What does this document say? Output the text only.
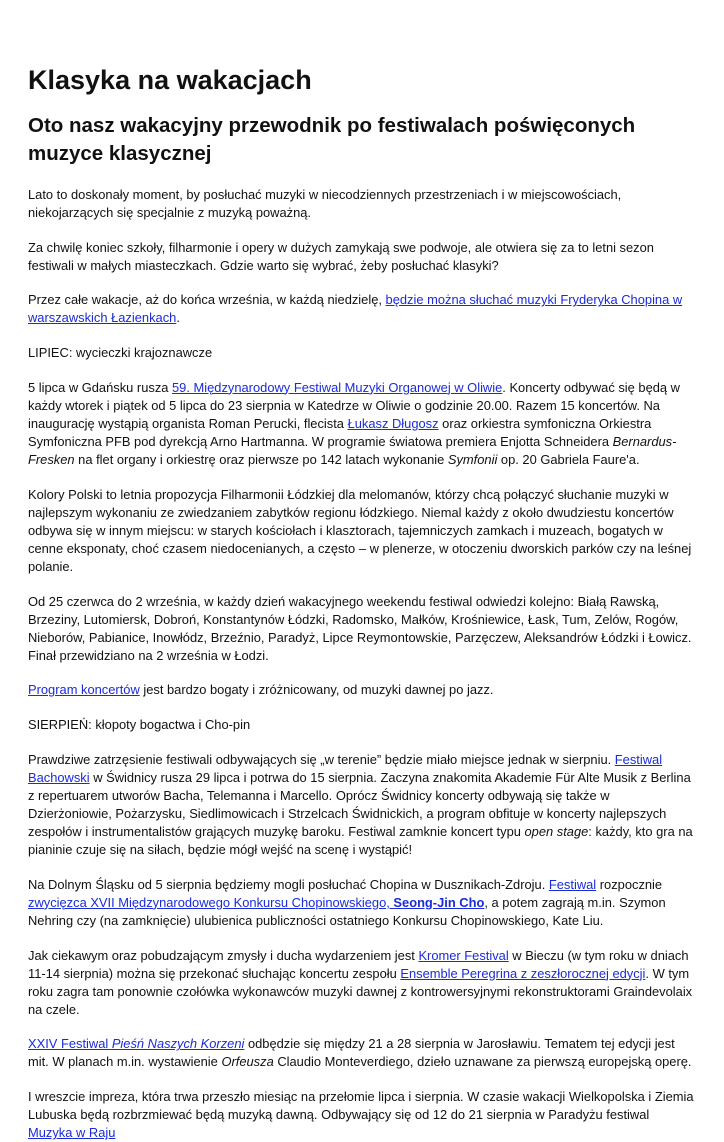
Klasyka na wakacjach
Oto nasz wakacyjny przewodnik po festiwalach poświęconych muzyce klasycznej

Lato to doskonały moment, by posłuchać muzyki w niecodziennych przestrzeniach i w miejscowościach, niekojarzących się specjalnie z muzyką poważną.

Za chwilę koniec szkoły, filharmonie i opery w dużych zamykają swe podwoje, ale otwiera się za to letni sezon festiwali w małych miasteczkach. Gdzie warto się wybrać, żeby posłuchać klasyki?

Przez całe wakacje, aż do końca września, w każdą niedzielę, będzie można słuchać muzyki Fryderyka Chopina w warszawskich Łazienkach.

LIPIEC: wycieczki krajoznawcze

5 lipca w Gdańsku rusza 59. Międzynarodowy Festiwal Muzyki Organowej w Oliwie. Koncerty odbywać się będą w każdy wtorek i piątek od 5 lipca do 23 sierpnia w Katedrze w Oliwie o godzinie 20.00. Razem 15 koncertów. Na inaugurację wystąpią organista Roman Perucki, flecista Łukasz Długosz oraz orkiestra symfoniczna Orkiestra Symfoniczna PFB pod dyrekcją Arno Hartmanna. W programie światowa premiera Enjotta Schneidera Bernardus-Fresken na flet organy i orkiestrę oraz pierwsze po 142 latach wykonanie Symfonii op. 20 Gabriela Faure'a.

Kolory Polski to letnia propozycja Filharmonii Łódzkiej dla melomanów, którzy chcą połączyć słuchanie muzyki w najlepszym wykonaniu ze zwiedzaniem zabytków regionu łódzkiego. Niemal każdy z około dwudziestu koncertów odbywa się w innym miejscu: w starych kościołach i klasztorach, tajemniczych zamkach i muzeach, bogatych w cenne eksponaty, choć czasem niedocenianych, a często – w plenerze, w otoczeniu dworskich parków czy na leśnej polanie.

Od 25 czerwca do 2 września, w każdy dzień wakacyjnego weekendu festiwal odwiedzi kolejno: Białą Rawską, Brzeziny, Lutomiersk, Dobroń, Konstantynów Łódzki, Radomsko, Małków, Krośniewice, Łask, Tum, Zelów, Rogów, Nieborów, Pabianice, Inowłódz, Brzeźnio, Paradyż, Lipce Reymontowskie, Parzęczew, Aleksandrów Łódzki i Łowicz. Finał przewidziano na 2 września w Łodzi.

Program koncertów jest bardzo bogaty i zróżnicowany, od muzyki dawnej po jazz.

SIERPIEŃ: kłopoty bogactwa i Cho-pin

Prawdziwe zatrzęsienie festiwali odbywających się „w terenie” będzie miało miejsce jednak w sierpniu. Festiwal Bachowski w Świdnicy rusza 29 lipca i potrwa do 15 sierpnia. Zaczyna znakomita Akademie Für Alte Musik z Berlina z repertuarem utworów Bacha, Telemanna i Marcello. Oprócz Świdnicy koncerty odbywają się także w Dzierżoniowie, Pożarzysku, Siedlimowicach i Strzelcach Świdnickich, a program obfituje w koncerty najlepszych zespołów i instrumentalistów grających muzykę baroku. Festiwal zamknie koncert typu open stage: każdy, kto gra na pianinie czuje się na siłach, będzie mógł wejść na scenę i wystąpić!

Na Dolnym Śląsku od 5 sierpnia będziemy mogli posłuchać Chopina w Dusznikach-Zdroju. Festiwal rozpocznie zwycięzca XVII Międzynarodowego Konkursu Chopinowskiego, Seong-Jin Cho, a potem zagrają m.in. Szymon Nehring czy (na zamknięcie) ulubienica publiczności ostatniego Konkursu Chopinowskiego, Kate Liu.

Jak ciekawym oraz pobudzającym zmysły i ducha wydarzeniem jest Kromer Festival w Bieczu (w tym roku w dniach 11-14 sierpnia) można się przekonać słuchając koncertu zespołu Ensemble Peregrina z zeszłorocznej edycji. W tym roku zagra tam ponownie czołówka wykonawców muzyki dawnej z kontrowersyjnymi rekonstruktorami Graindevolaix na czele.

XXIV Festiwal Pieśń Naszych Korzeni odbędzie się między 21 a 28 sierpnia w Jarosławiu. Tematem tej edycji jest mit. W planach m.in. wystawienie Orfeusza Claudio Monteverdiego, dzieło uznawane za pierwszą europejską operę.

I wreszcie impreza, która trwa przeszło miesiąc na przełomie lipca i sierpnia. W czasie wakacji Wielkopolska i Ziemia Lubuska będą rozbrzmiewać będą muzyką dawną. Odbywający się od 12 do 21 sierpnia w Paradyżu festiwal Muzyka w Raju
